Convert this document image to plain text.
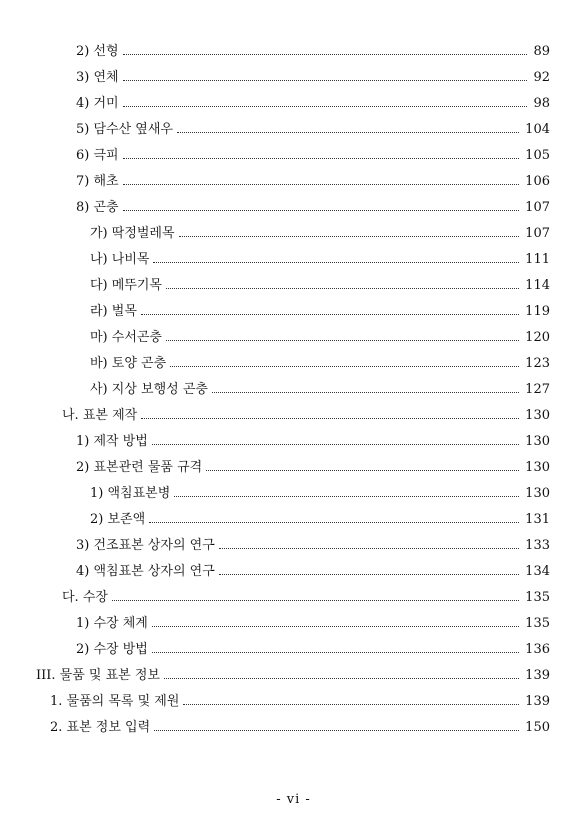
2) 선형	89
3) 연체	92
4) 거미	98
5) 담수산 옆새우	104
6) 극피	105
7) 해초	106
8) 곤충	107
가) 딱정벌레목	107
나) 나비목	111
다) 메뚜기목	114
라) 벌목	119
마) 수서곤충	120
바) 토양 곤충	123
사) 지상 보행성 곤충	127
나. 표본 제작	130
1) 제작 방법	130
2) 표본관련 물품 규격	130
1) 액침표본병	130
2) 보존액	131
3) 건조표본 상자의 연구	133
4) 액침표본 상자의 연구	134
다. 수장	135
1) 수장 체계	135
2) 수장 방법	136
III. 물품 및 표본 정보	139
1. 물품의 목록 및 제원	139
2. 표본 정보 입력	150
- vi -
